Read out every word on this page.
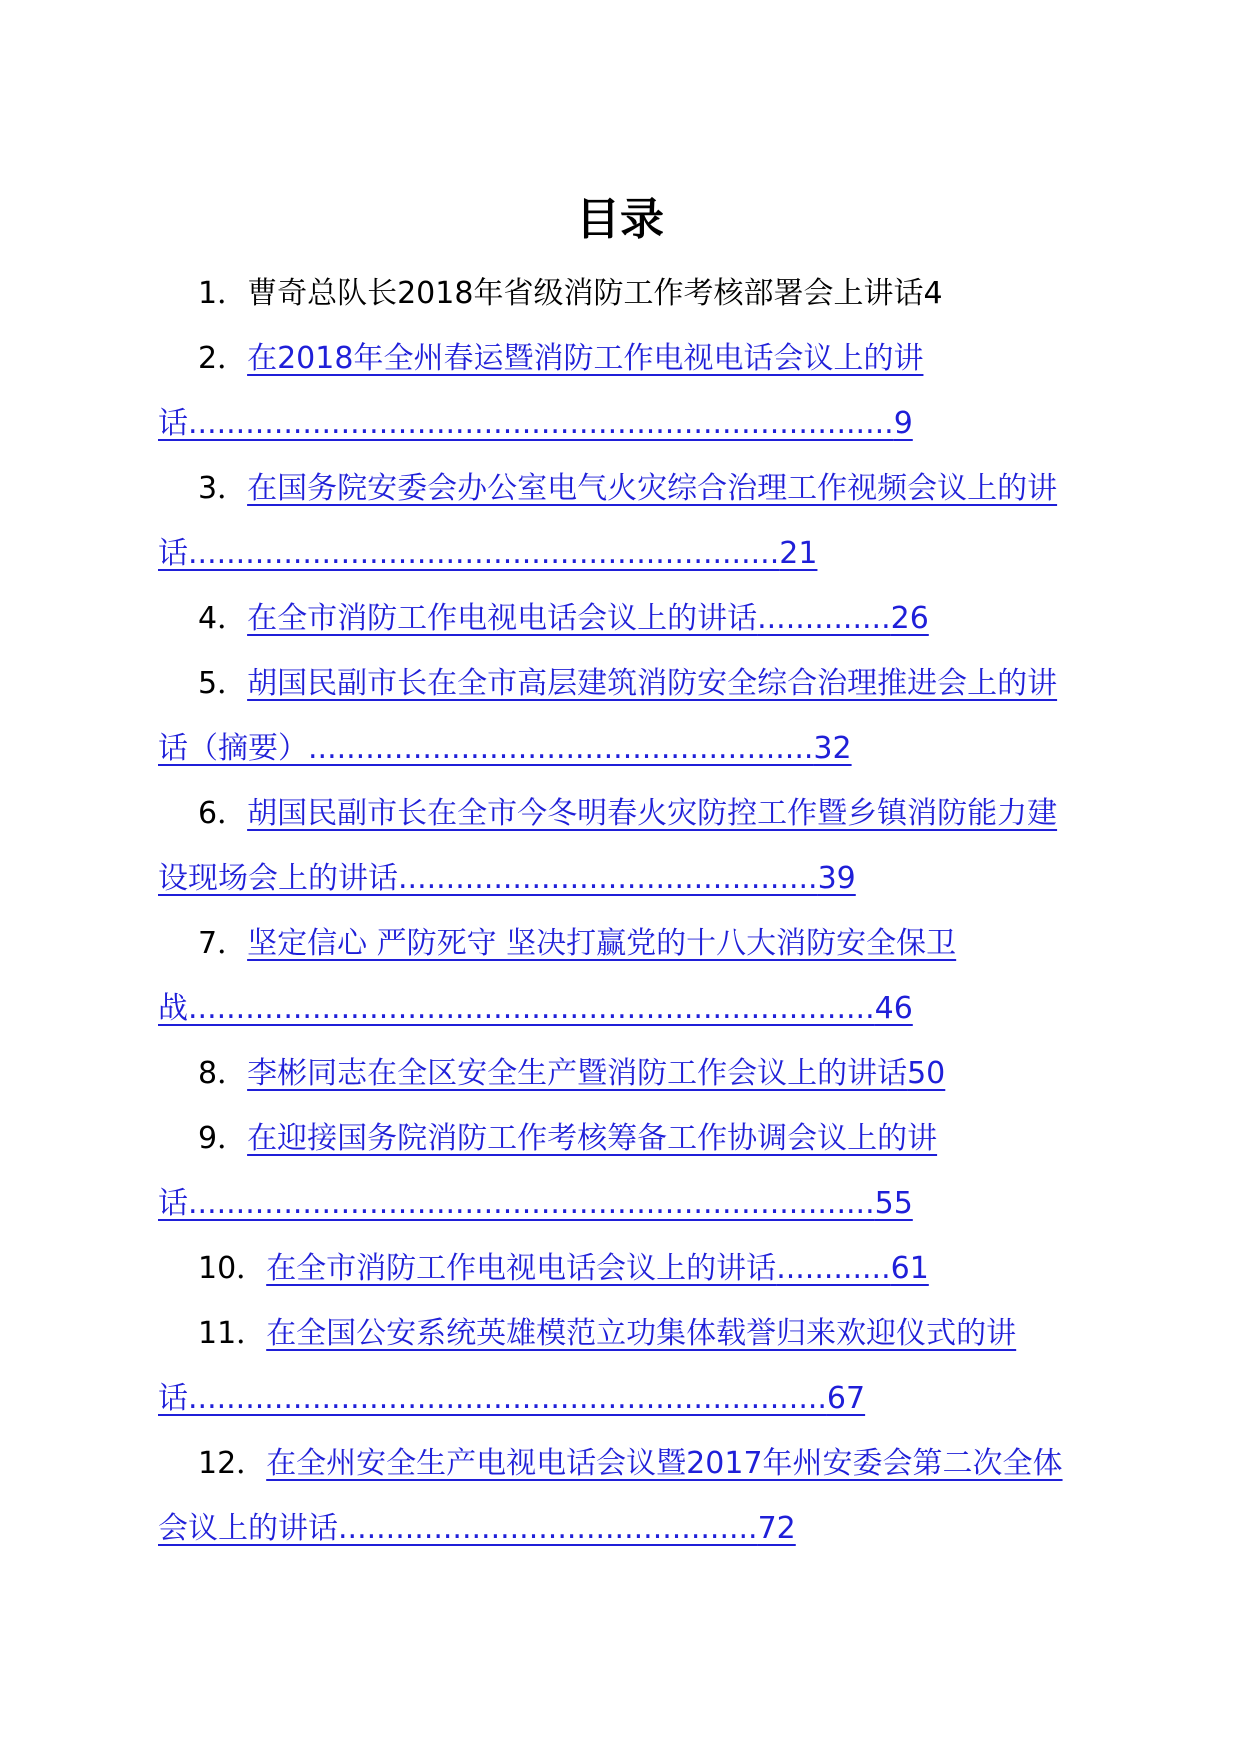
目录
1．曹奇总队长2018年省级消防工作考核部署会上讲话4
2．在2018年全州春运暨消防工作电视电话会议上的讲话..........................................................................9
3．在国务院安委会办公室电气火灾综合治理工作视频会议上的讲话..............................................................21
4．在全市消防工作电视电话会议上的讲话..............26
5．胡国民副市长在全市高层建筑消防安全综合治理推进会上的讲话（摘要）.....................................................32
6．胡国民副市长在全市今冬明春火灾防控工作暨乡镇消防能力建设现场会上的讲话............................................39
7．坚定信心 严防死守 坚决打赢党的十八大消防安全保卫战........................................................................46
8．李彬同志在全区安全生产暨消防工作会议上的讲话50
9．在迎接国务院消防工作考核筹备工作协调会议上的讲话........................................................................55
10．在全市消防工作电视电话会议上的讲话............61
11．在全国公安系统英雄模范立功集体载誉归来欢迎仪式的讲话...................................................................67
12．在全州安全生产电视电话会议暨2017年州安委会第二次全体会议上的讲话............................................72
